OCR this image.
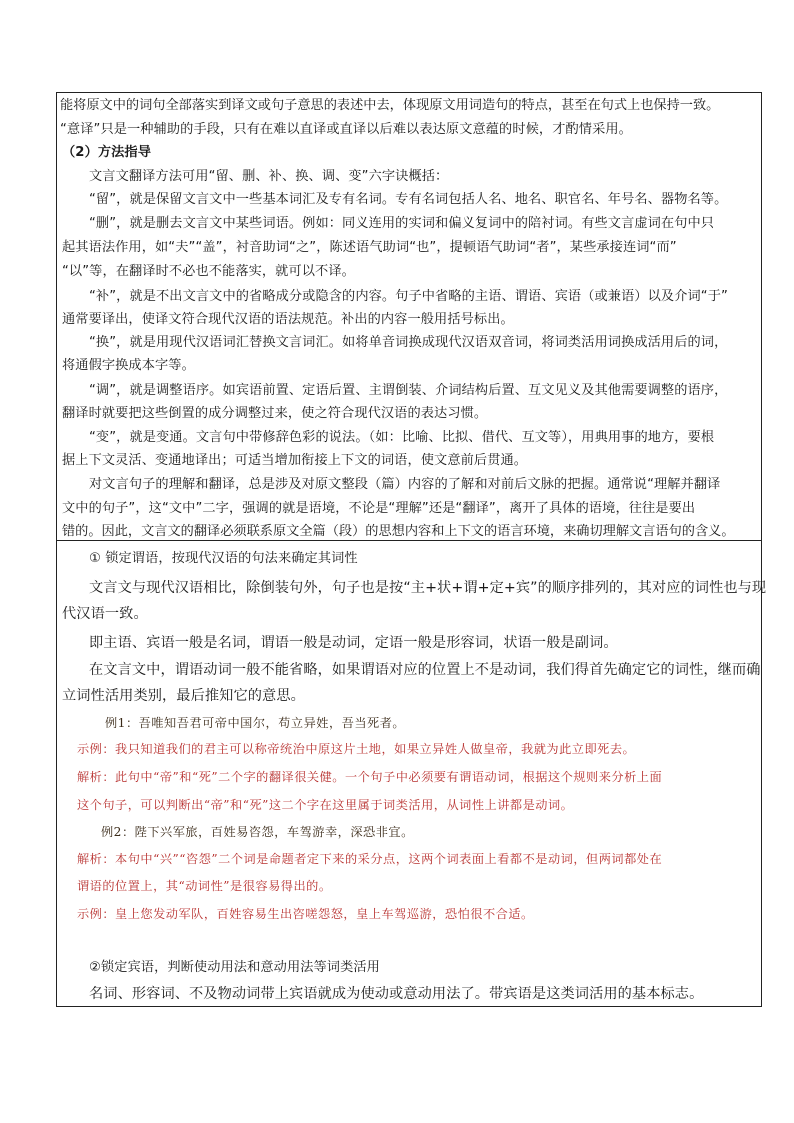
能将原文中的词句全部落实到译文或句子意思的表述中去，体现原文用词造句的特点，甚至在句式上也保持一致。
“意译”只是一种辅助的手段，只有在难以直译或直译以后难以表达原文意蕴的时候，才酌情采用。
（2）方法指导
文言文翻译方法可用“留、删、补、换、调、变”六字诀概括：
“留”，就是保留文言文中一些基本词汇及专有名词。专有名词包括人名、地名、职官名、年号名、器物名等。
“删”，就是删去文言文中某些词语。例如：同义连用的实词和偏义复词中的陪衬词。有些文言虚词在句中只
起其语法作用，如“夫”“盖”，衬音助词“之”，陈述语气助词“也”，提顿语气助词“者”，某些承接连词“而”
“以”等，在翻译时不必也不能落实，就可以不译。
“补”，就是不出文言文中的省略成分或隐含的内容。句子中省略的主语、谓语、宾语（或兼语）以及介词“于”
通常要译出，使译文符合现代汉语的语法规范。补出的内容一般用括号标出。
“换”，就是用现代汉语词汇替换文言词汇。如将单音词换成现代汉语双音词，将词类活用词换成活用后的词，
将通假字换成本字等。
“调”，就是调整语序。如宾语前置、定语后置、主谓倒装、介词结构后置、互文见义及其他需要调整的语序，
翻译时就要把这些倒置的成分调整过来，使之符合现代汉语的表达习惯。
“变”，就是变通。文言句中带修辞色彩的说法。（如：比喻、比拟、借代、互文等），用典用事的地方，要根
据上下文灵活、变通地译出；可适当增加衔接上下文的词语，使文意前后贯通。
对文言句子的理解和翻译，总是涉及对原文整段（篇）内容的了解和对前后文脉的把握。通常说“理解并翻译
文中的句子”，这“文中”二字，强调的就是语境，不论是“理解”还是“翻译”，离开了具体的语境，往往是要出
错的。因此，文言文的翻译必须联系原文全篇（段）的思想内容和上下文的语言环境，来确切理解文言语句的含义。
① 锁定谓语，按现代汉语的句法来确定其词性
文言文与现代汉语相比，除倒装句外，句子也是按“主+状+谓+定+宾”的顺序排列的，其对应的词性也与现
代汉语一致。
即主语、宾语一般是名词，谓语一般是动词，定语一般是形容词，状语一般是副词。
在文言文中，谓语动词一般不能省略，如果谓语对应的位置上不是动词，我们得首先确定它的词性，继而确
立词性活用类别，最后推知它的意思。
例1：吾唯知吾君可帝中国尔，苟立异姓，吾当死者。
示例：我只知道我们的君主可以称帝统治中原这片土地，如果立异姓人做皇帝，我就为此立即死去。
解析：此句中“帝”和“死”二个字的翻译很关健。一个句子中必须要有谓语动词，根据这个规则来分析上面
这个句子，可以判断出“帝”和“死”这二个字在这里属于词类活用，从词性上讲都是动词。
例2：陛下兴军旅，百姓易咨怨，车驾游幸，深恐非宜。
解析：本句中“兴”“咨怨”二个词是命题者定下来的采分点，这两个词表面上看都不是动词，但两词都处在
谓语的位置上，其“动词性”是很容易得出的。
示例：皇上您发动军队，百姓容易生出咨嗟怨怒，皇上车驾巡游，恐怕很不合适。
②锁定宾语，判断使动用法和意动用法等词类活用
名词、形容词、不及物动词带上宾语就成为使动或意动用法了。带宾语是这类词活用的基本标志。
